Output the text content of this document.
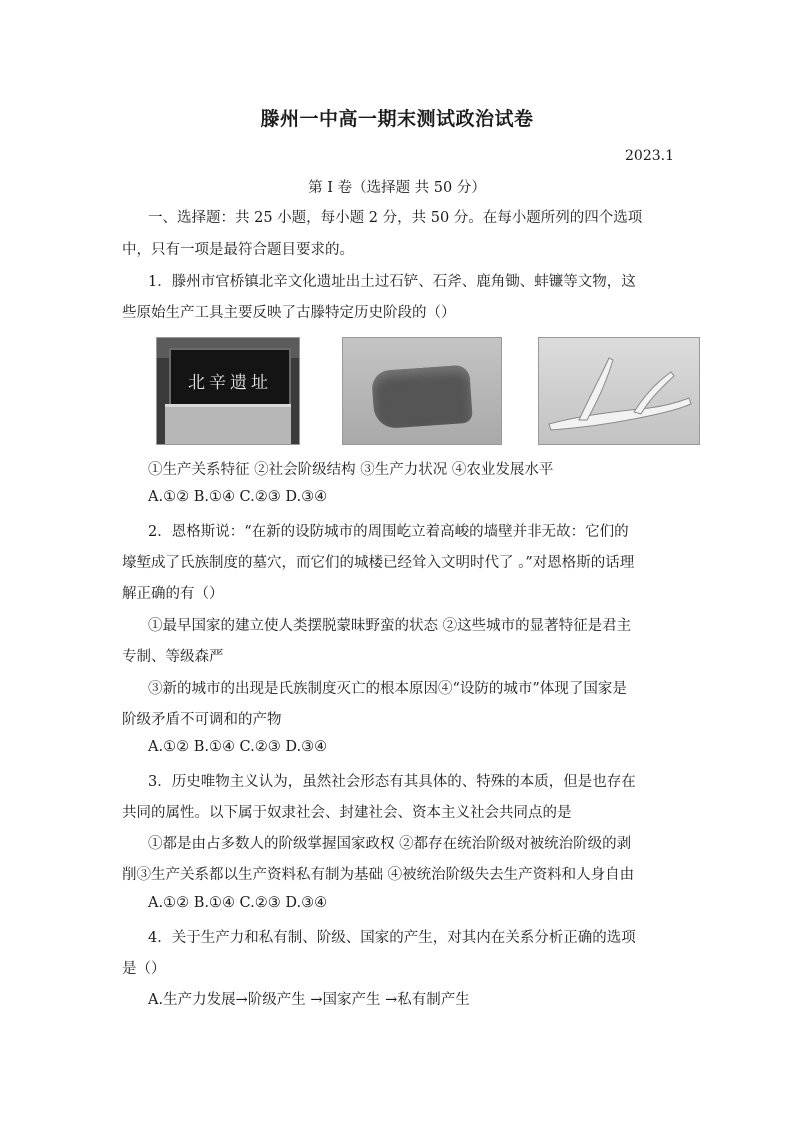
滕州一中高一期末测试政治试卷
2023.1
第 I 卷（选择题 共 50 分）
一、选择题：共 25 小题，每小题 2 分，共 50 分。在每小题所列的四个选项
中，只有一项是最符合题目要求的。
1．滕州市官桥镇北辛文化遗址出土过石铲、石斧、鹿角锄、蚌镰等文物，这
些原始生产工具主要反映了古滕特定历史阶段的（）
北辛遗址
①生产关系特征 ②社会阶级结构 ③生产力状况 ④农业发展水平
A.①② B.①④ C.②③ D.③④
2．恩格斯说：“在新的设防城市的周围屹立着高峻的墙壁并非无故：它们的
壕堑成了氏族制度的墓穴，而它们的城楼已经耸入文明时代了 。”对恩格斯的话理
解正确的有（）
①最早国家的建立使人类摆脱蒙昧野蛮的状态 ②这些城市的显著特征是君主
专制、等级森严
③新的城市的出现是氏族制度灭亡的根本原因④“设防的城市”体现了国家是
阶级矛盾不可调和的产物
A.①② B.①④ C.②③ D.③④
3．历史唯物主义认为，虽然社会形态有其具体的、特殊的本质，但是也存在
共同的属性。以下属于奴隶社会、封建社会、资本主义社会共同点的是
①都是由占多数人的阶级掌握国家政权 ②都存在统治阶级对被统治阶级的剥
削③生产关系都以生产资料私有制为基础 ④被统治阶级失去生产资料和人身自由
A.①② B.①④ C.②③ D.③④
4．关于生产力和私有制、阶级、国家的产生，对其内在关系分析正确的选项
是（）
A.生产力发展→阶级产生 →国家产生 →私有制产生
